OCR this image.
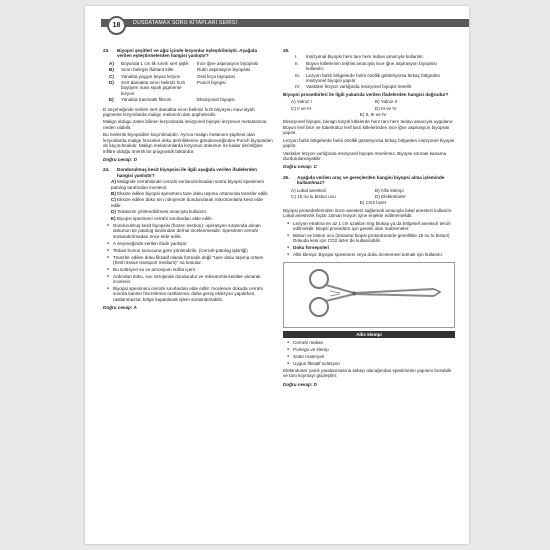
18	DUSDATAMAX SORU KİTAPLARI SERİSİ
23.	Biyopsi şeşitleri ve ağız içinde lezyonlar eşleştirilmiştir. Aşağıda verilen eşleştirmelerden hangisi yanlıştır?
A)	Boyunda 1 cm lik sınırlı sert şişlik	İnce iğne aspirasyon biyopsisi
B)	Sınırı belirgin fluktant kitle	Rutin aspirasyon biyopsisi
C)	Yanakta yaygın beyaz lezyon	Oral fırça biyopsisi
D)	Sert damakta sınırı belirsiz hızlı büyüyen mavi siyah pigmente lezyon	Punch biyopsi
E)	Yanakta travmatik fibrom	Eksizyonel biyopsi

D seçeneğinde verilen sert damakta sınırı belirsiz hızlı büyüyen mavi siyah pigmente lezyonlarda malign melanom dan şüphelenilir.

Malign oldugu zaten bilinen lezyonlarda insizyonel biyopsi lezyonun metastazına neden olabilir.

Bu nedenle biyopsiden kaçınılmalıdır. Ayrıca malign melanom şüphesi olan lezyonlarda malign hücreleri doku derinliklerine göndereceğinden Punch biyopsiden de kaçınılmalıdır. Malign melanomlarda lezyonun dokunun ne kadar derinliğine infiltre olduğu önemli bir prognostik faktördür.

Doğru cevap: D
24.	Dondurulmuş kesit biyopsisi ile ilgili aşağıda verilen ifadelerden hangisi yanlıştır?
A) Malignite cerrahisinde cerrahi sonlandırılmadan sonra biyopsi spesimeni patolog tarafından incelenir.
B) Eksize edilen biyopsi spesimeni taze doku taşıma ortamında transfer edilir.
C) Eksize edilen doku sıvı nitrojende dondurularak mikrotomlarla kesit elde edilir.
D) Tedavinin yönlendirilmesi amacıyla kullanılır.
E) Biyopsi spesmeni cerrahi sınırlardan elde edilir.
● Dondurulmuş kesit biyopsisi (frozen section): operasyon sırasında alınan dokunun bir patolog tarafından derhal incelenmesidir. Spesimen cerrahi sonlandırılmadan önce elde edilir.
● A seçeneğinde verilen ifade yanlıştır.
● Tedavi bunun sonucuna göre yönlendirilir. (Cerrah-patolog işbirliği)
● Transfer edilen doku fiksatif olarak formalin değil "taze doku taşıma ortamı (fresh tissue transport medium)" na konulur.
● Bu solüsyon su ve amonyum sülfat içerir.
● Ardından doku, sıvı nitrojende dondurulur ve mikrotomla kesitler alınarak incelenir.
● Biyopsi spesimeni cerrahi sınırlardan elde edilir. İncelenen dokuda cerrahi sınırda kanser hücrelerine rastlanırsa; daha geniş eksizyon yapılırken, rastlanmazsa; bölge kapatılarak işlem sonlandırılabilir.
Doğru cevap: A
25.
I.	İnsizyonal biyopsi hem tanı hem tedavi amacıyla kullanılır.
II.	Boyun kitlelerinin teşhisi amacıyla ince iğne aspirasyon biyopsisi kullanılır.
III.	Lezyon farklı bölgelerde farklı özellik gösteriyorsa birkaç bölgeden insizyonel biyopsi yapılır.
IV.	Vasküler lezyon varlığında insizyonel biyopsi önerilir.

Biyopsi prosedürleri ile ilgili yukarıda verilen ifadelerden hangisi doğrudur?

A) Yalnız I	B) Yalnız II
C) II ve III	D) III ve IV
E) II, III ve IV

Eksizyonel biyopsi, benign küçük kitlelerde hem tanı hem tedavi amacıyla uygulanır. Boyun lenf bezi ve tüberküloz lenf bezi kitlelerinden ince iğne aspirasyon biyopsisi yapılır.

Lezyon farklı bölgelerde farklı özellik gösteriyorsa birkaç bölgeden insizyonel biyopsi yapılır.

Vasküler lezyon varlığında insizyonel biyopsi önerilmez. Biyopsi sonrası kanama durdurulamayabilir.

Doğru cevap: C
26.	Aşağıda verilen araç ve gereçlerden hangisi biyopsi alma işleminde kullanılmaz?
A) Lokal anestezi	B) Allis klempi
C) 15 no lu bisturi ucu	D) Elektrokoter
E) CO2 lazer

Biyopsi prosedürlerinden önce anestezi sağlamak amacıyla lokal anestezi kullanılır. Lokal anestezik hiçbir zaman lezyon içine enjekte edilmemelidir.

● Lezyon etrafına en az 1 cm uzaklan ring blokajı ya da bölgesel anestezi tercih edilmelidir. Biopsi prosedürü için gerekli olan malzemeler:
● Bisturi ve bisturi ucu (intraoral biopsi prosedüründe genellikle 15 no lu bisturi) Dokuda kesi için CO2 lazer de kullanılabilir.
● Doku forsepsleri
● Allis klempi: Biyopsi spesimeni veya doku incelemesi tutmak için kullanılır.
Allis klempi
● Cerrahi makas
● Portegü ve klemp
● Sütür materyali
● Uygun fiksatif solüsyon

Elektrokoter yanık yaralanmasına sebep olacağından spesimenin yapısını bozabilir ve tanı koymayı güçleştirir.

Doğru cevap: D
